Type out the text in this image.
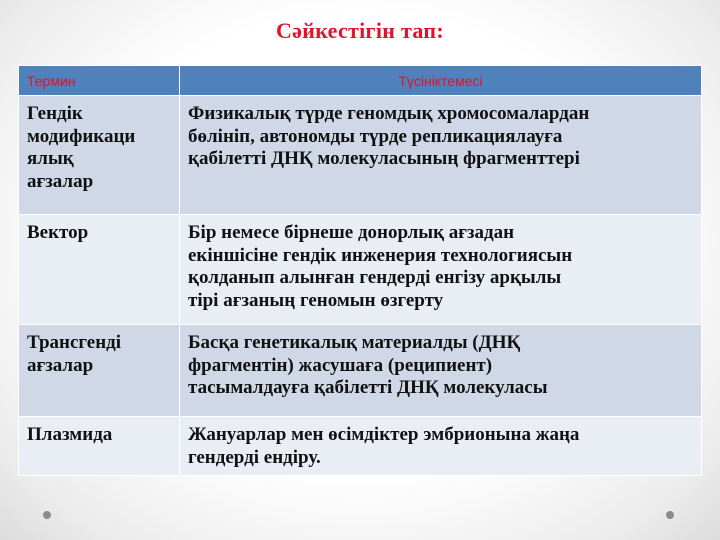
Сәйкестігін тап:
Термин	Түсініктемесі

Гендік
модификаци
ялық
ағзалар	Физикалық түрде геномдық хромосомалардан
бөлініп, автономды түрде репликациялауға
қабілетті ДНҚ молекуласының фрагменттері

Вектор	Бір немесе бірнеше донорлық ағзадан
екіншісіне гендік инженерия технологиясын
қолданып алынған гендерді енгізу арқылы
тірі ағзаның геномын өзгерту

Трансгенді
ағзалар	Басқа генетикалық материалды (ДНҚ
фрагментін) жасушаға (реципиент)
тасымалдауға қабілетті ДНҚ молекуласы

Плазмида	Жануарлар мен өсімдіктер эмбрионына жаңа
гендерді ендіру.
